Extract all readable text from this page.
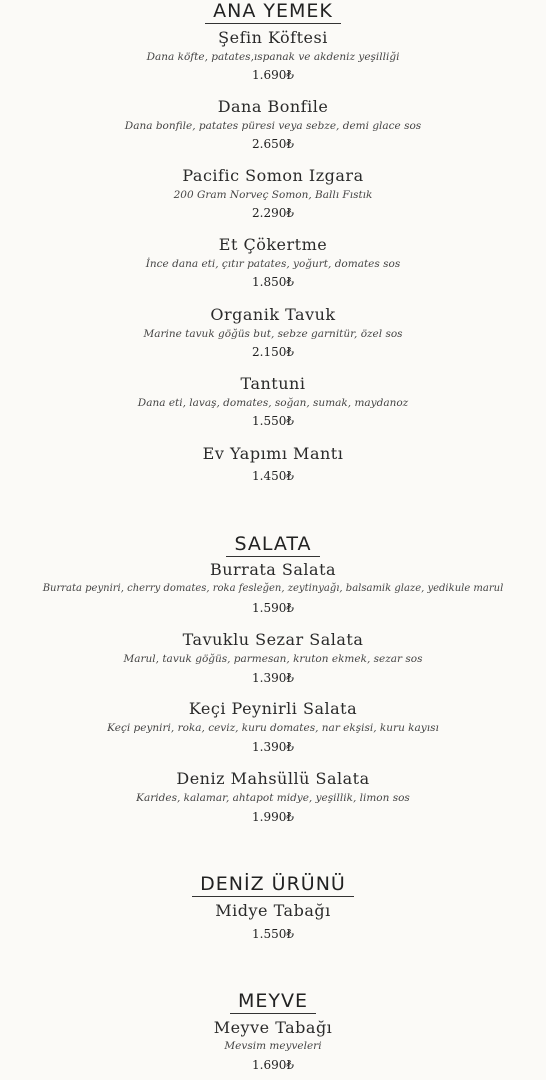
ANA YEMEK
Şefin Köftesi
Dana köfte, patates,ıspanak ve akdeniz yeşilliği
1.690₺
Dana Bonfile
Dana bonfile, patates püresi veya sebze, demi glace sos
2.650₺
Pacific Somon Izgara
200 Gram Norveç Somon, Ballı Fıstık
2.290₺
Et Çökertme
İnce dana eti, çıtır patates, yoğurt, domates sos
1.850₺
Organik Tavuk
Marine tavuk göğüs but, sebze garnitür, özel sos
2.150₺
Tantuni
Dana eti, lavaş, domates, soğan, sumak, maydanoz
1.550₺
Ev Yapımı Mantı
1.450₺
SALATA
Burrata Salata
Burrata peyniri, cherry domates, roka fesleğen, zeytinyağı, balsamik glaze, yedikule marul
1.590₺
Tavuklu Sezar Salata
Marul, tavuk göğüs, parmesan, kruton ekmek, sezar sos
1.390₺
Keçi Peynirli Salata
Keçi peyniri, roka, ceviz, kuru domates, nar ekşisi, kuru kayısı
1.390₺
Deniz Mahsüllü Salata
Karides, kalamar, ahtapot midye, yeşillik, limon sos
1.990₺
DENİZ ÜRÜNÜ
Midye Tabağı
1.550₺
MEYVE
Meyve Tabağı
Mevsim meyveleri
1.690₺
